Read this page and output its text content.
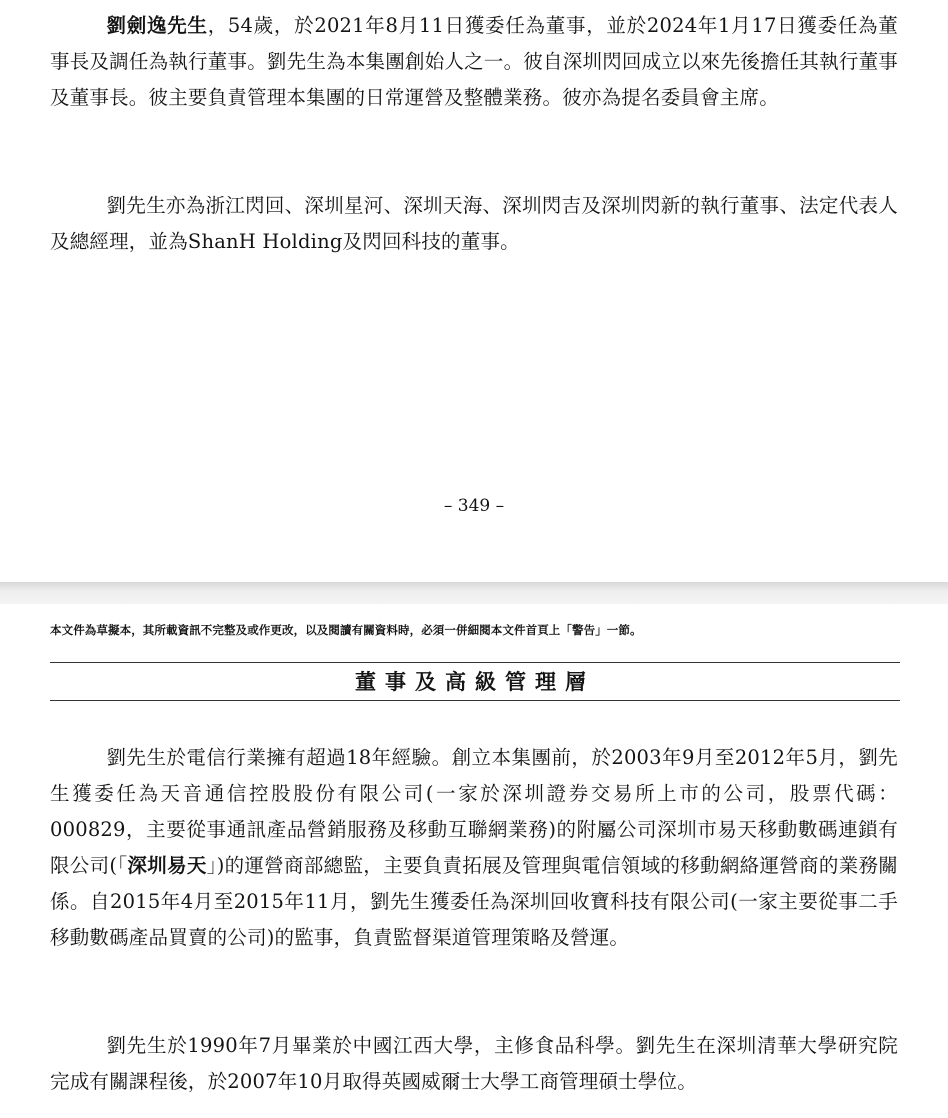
劉劍逸先生，54歲，於2021年8月11日獲委任為董事，並於2024年1月17日獲委任為董事長及調任為執行董事。劉先生為本集團創始人之一。彼自深圳閃回成立以來先後擔任其執行董事及董事長。彼主要負責管理本集團的日常運營及整體業務。彼亦為提名委員會主席。

劉先生亦為浙江閃回、深圳星河、深圳天海、深圳閃吉及深圳閃新的執行董事、法定代表人及總經理，並為ShanH Holding及閃回科技的董事。

– 349 –
本文件為草擬本，其所載資訊不完整及或作更改，以及閱讀有關資料時，必須一併細閱本文件首頁上「警告」一節。
董事及高級管理層

劉先生於電信行業擁有超過18年經驗。創立本集團前，於2003年9月至2012年5月，劉先生獲委任為天音通信控股股份有限公司(一家於深圳證券交易所上市的公司，股票代碼：000829，主要從事通訊產品營銷服務及移動互聯網業務)的附屬公司深圳市易天移動數碼連鎖有限公司(「深圳易天」)的運營商部總監，主要負責拓展及管理與電信領域的移動網絡運營商的業務關係。自2015年4月至2015年11月，劉先生獲委任為深圳回收寶科技有限公司(一家主要從事二手移動數碼產品買賣的公司)的監事，負責監督渠道管理策略及營運。

劉先生於1990年7月畢業於中國江西大學，主修食品科學。劉先生在深圳清華大學研究院完成有關課程後，於2007年10月取得英國威爾士大學工商管理碩士學位。
